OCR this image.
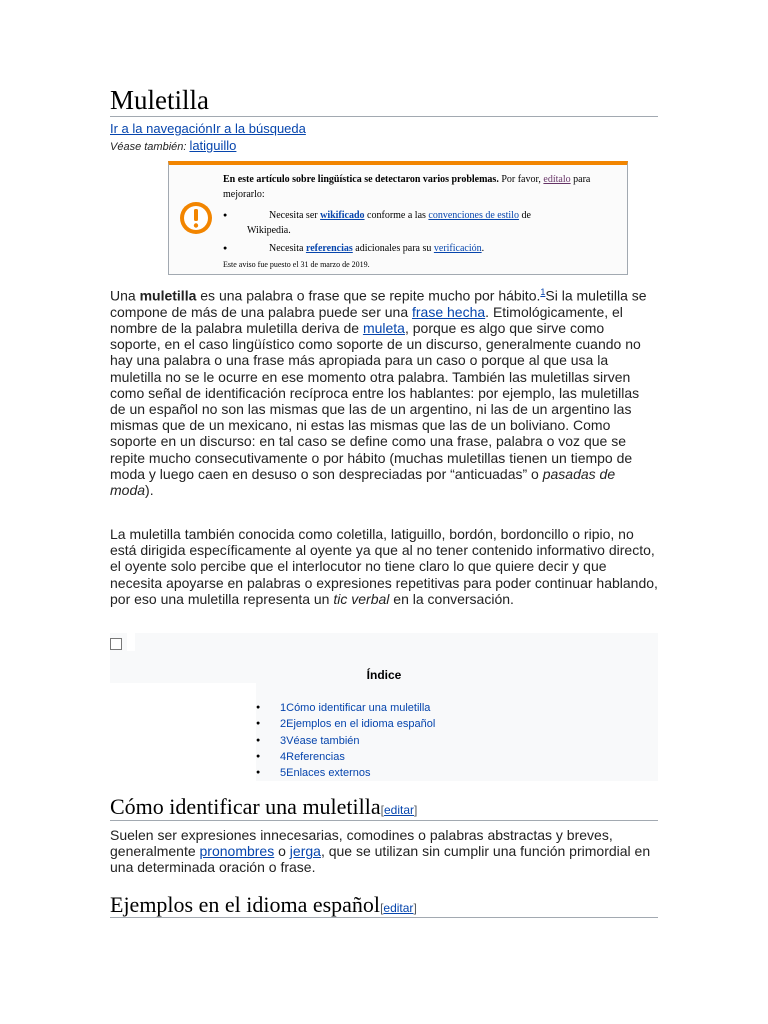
Muletilla
Ir a la navegaciónIr a la búsqueda
Véase también: latiguillo

En este artículo sobre lingüística se detectaron varios problemas. Por favor, edítalo para mejorarlo:

● Necesita ser wikificado conforme a las convenciones de estilo de
Wikipedia.
● Necesita referencias adicionales para su verificación.
Este aviso fue puesto el 31 de marzo de 2019.

Una muletilla es una palabra o frase que se repite mucho por hábito.$^1$Si la muletilla se compone de más de una palabra puede ser una frase hecha. Etimológicamente, el nombre de la palabra muletilla deriva de muleta, porque es algo que sirve como soporte, en el caso lingüístico como soporte de un discurso, generalmente cuando no hay una palabra o una frase más apropiada para un caso o porque al que usa la muletilla no se le ocurre en ese momento otra palabra. También las muletillas sirven como señal de identificación recíproca entre los hablantes: por ejemplo, las muletillas de un español no son las mismas que las de un argentino, ni las de un argentino las mismas que de un mexicano, ni estas las mismas que las de un boliviano. Como soporte en un discurso: en tal caso se define como una frase, palabra o voz que se repite mucho consecutivamente o por hábito (muchas muletillas tienen un tiempo de moda y luego caen en desuso o son despreciadas por “anticuadas” o pasadas de moda).

La muletilla también conocida como coletilla, latiguillo, bordón, bordoncillo o ripio, no está dirigida específicamente al oyente ya que al no tener contenido informativo directo, el oyente solo percibe que el interlocutor no tiene claro lo que quiere decir y que necesita apoyarse en palabras o expresiones repetitivas para poder continuar hablando, por eso una muletilla representa un tic verbal en la conversación.

Índice
● 1Cómo identificar una muletilla
● 2Ejemplos en el idioma español
● 3Véase también
● 4Referencias
● 5Enlaces externos
Cómo identificar una muletilla[editar]

Suelen ser expresiones innecesarias, comodines o palabras abstractas y breves, generalmente pronombres o jerga, que se utilizan sin cumplir una función primordial en una determinada oración o frase.

Ejemplos en el idioma español[editar]
